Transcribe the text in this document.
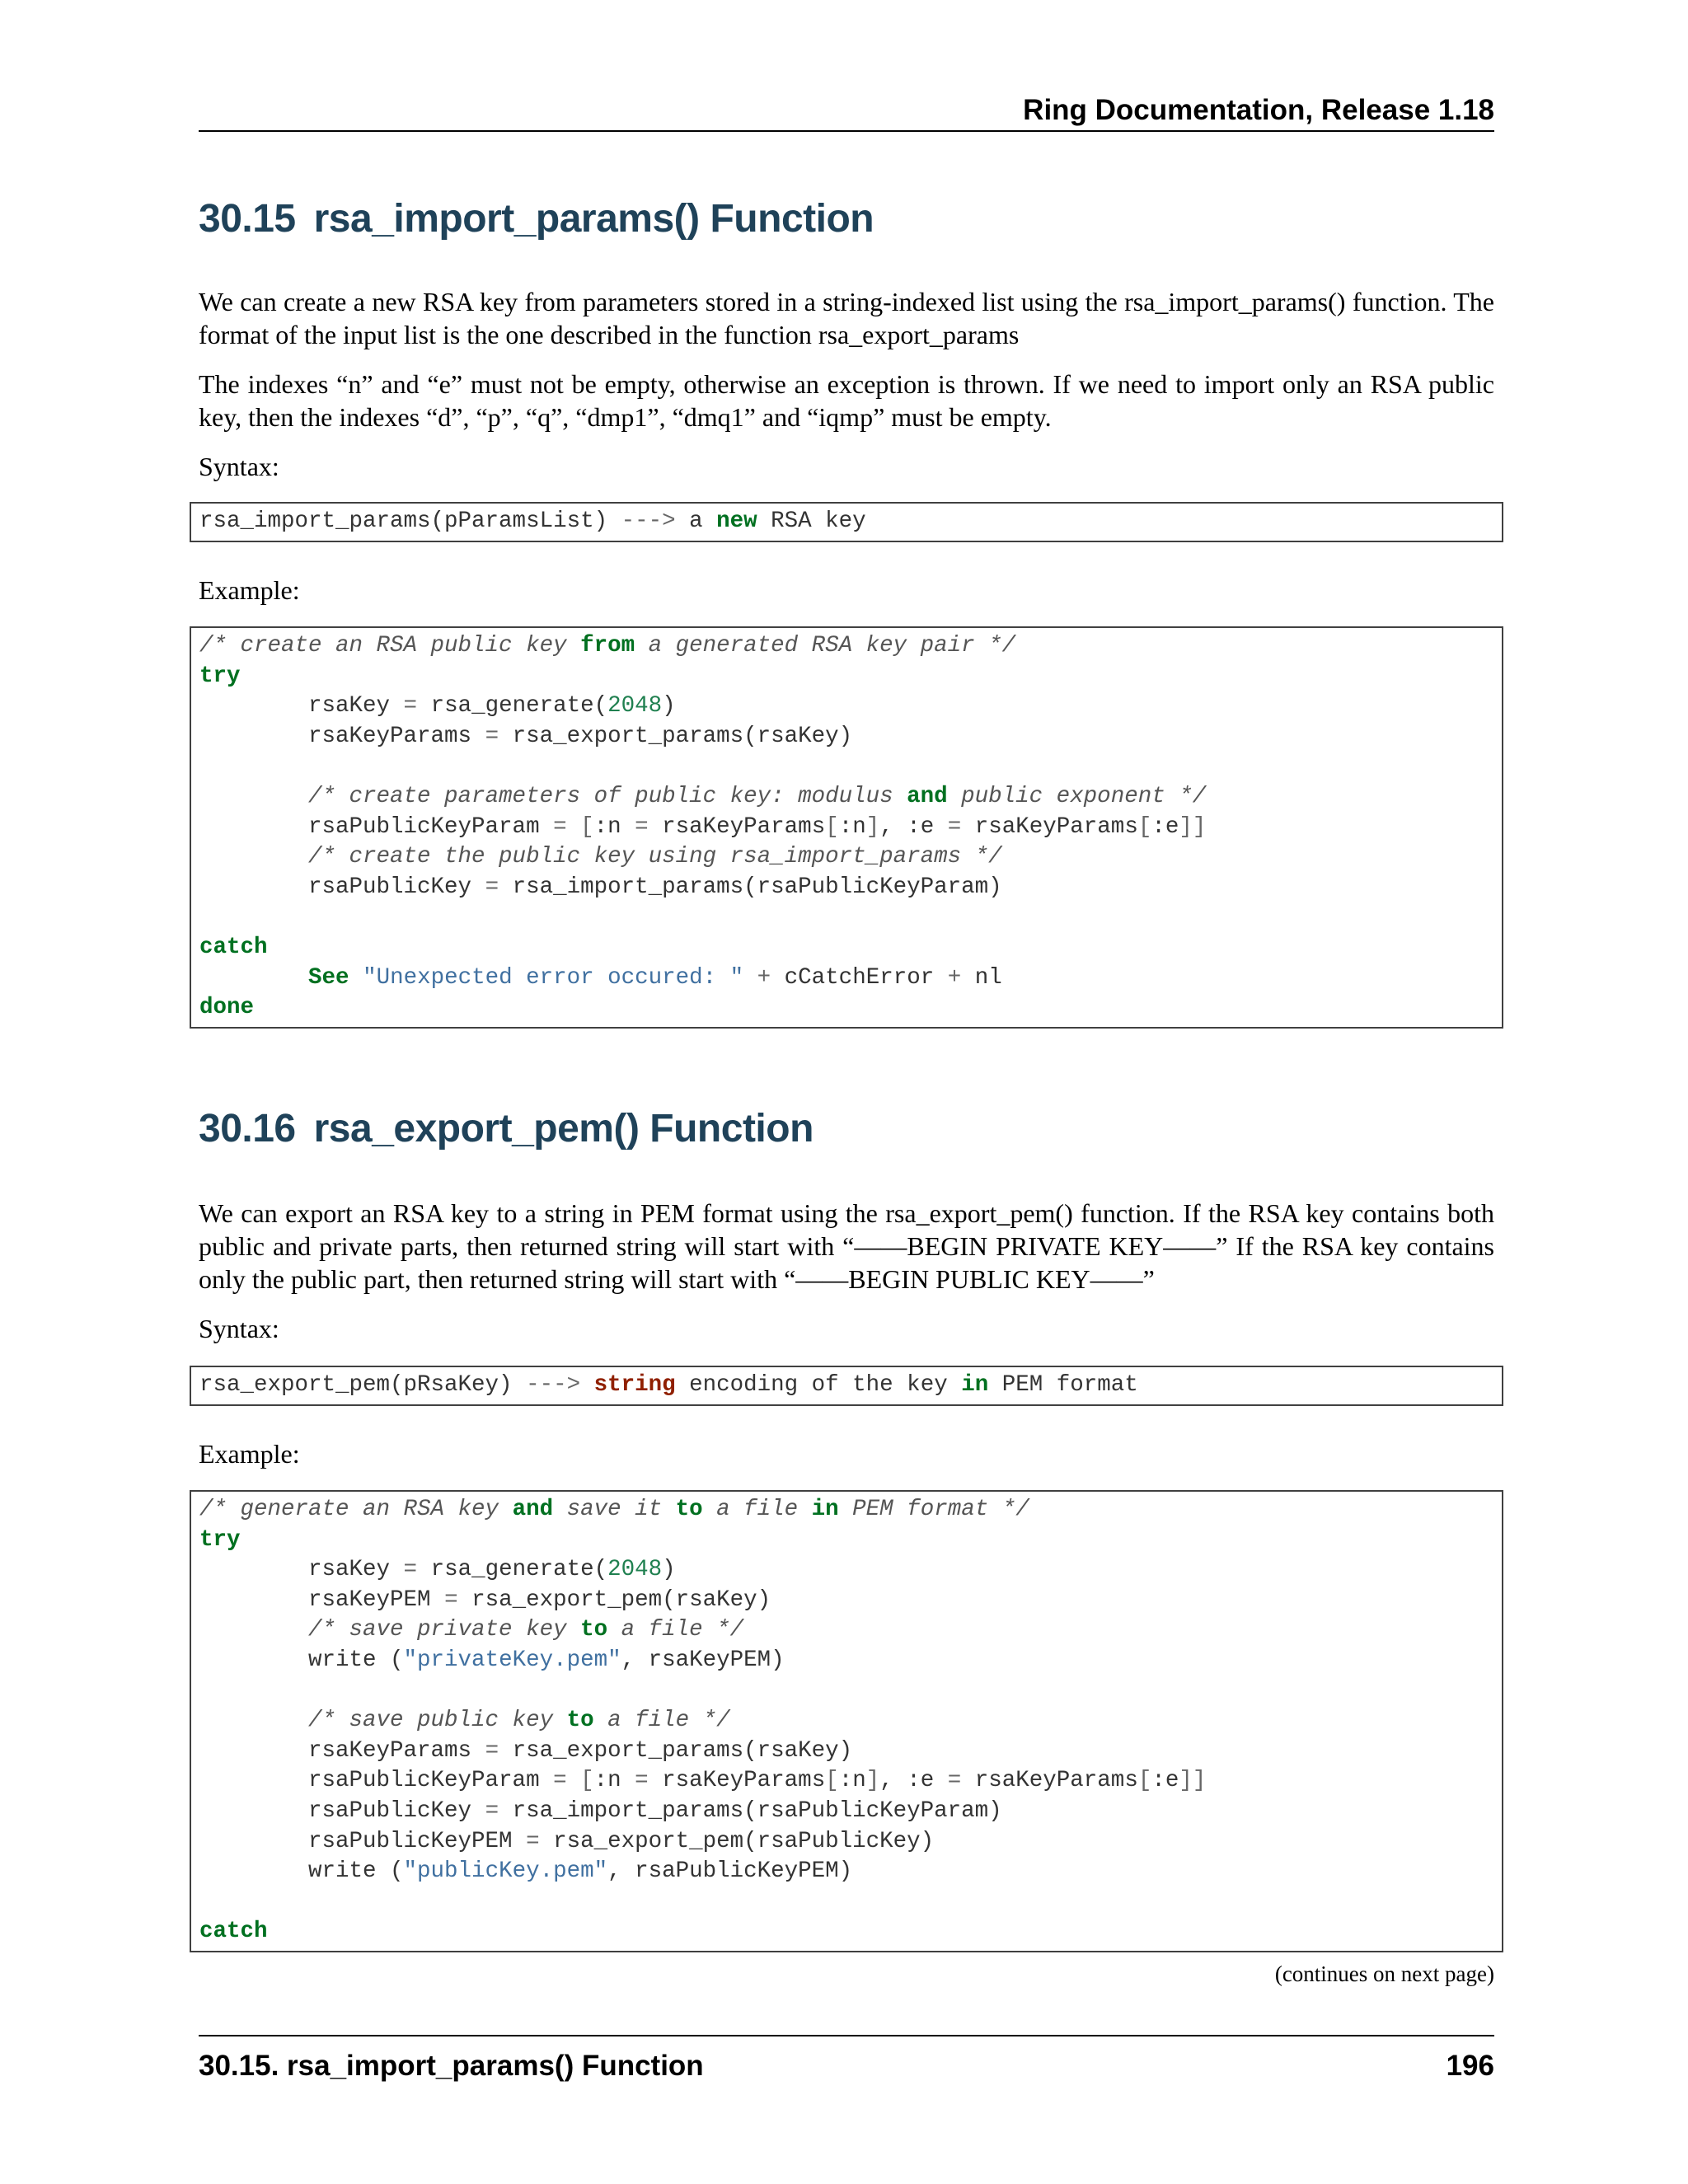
Ring Documentation, Release 1.18
30.15 rsa_import_params() Function

We can create a new RSA key from parameters stored in a string-indexed list using the rsa_import_params() function. The format of the input list is the one described in the function rsa_export_params

The indexes “n” and “e” must not be empty, otherwise an exception is thrown. If we need to import only an RSA public key, then the indexes “d”, “p”, “q”, “dmp1”, “dmq1” and “iqmp” must be empty.

Syntax:
rsa_import_params(pParamsList) ---> a new RSA key
Example:
/* create an RSA public key from a generated RSA key pair */
try
rsaKey = rsa_generate(2048)
rsaKeyParams = rsa_export_params(rsaKey)
/* create parameters of public key: modulus and public exponent */
rsaPublicKeyParam = [:n = rsaKeyParams[:n], :e = rsaKeyParams[:e]]
/* create the public key using rsa_import_params */
rsaPublicKey = rsa_import_params(rsaPublicKeyParam)
catch
See "Unexpected error occured: " + cCatchError + nl
done
30.16 rsa_export_pem() Function

We can export an RSA key to a string in PEM format using the rsa_export_pem() function. If the RSA key contains both public and private parts, then returned string will start with “——BEGIN PRIVATE KEY——” If the RSA key contains only the public part, then returned string will start with “——BEGIN PUBLIC KEY——”

Syntax:
rsa_export_pem(pRsaKey) ---> string encoding of the key in PEM format
Example:
/* generate an RSA key and save it to a file in PEM format */
try
rsaKey = rsa_generate(2048)
rsaKeyPEM = rsa_export_pem(rsaKey)
/* save private key to a file */
write ("privateKey.pem", rsaKeyPEM)
/* save public key to a file */
rsaKeyParams = rsa_export_params(rsaKey)
rsaPublicKeyParam = [:n = rsaKeyParams[:n], :e = rsaKeyParams[:e]]
rsaPublicKey = rsa_import_params(rsaPublicKeyParam)
rsaPublicKeyPEM = rsa_export_pem(rsaPublicKey)
write ("publicKey.pem", rsaPublicKeyPEM)
catch
(continues on next page)
30.15. rsa_import_params() Function	196
